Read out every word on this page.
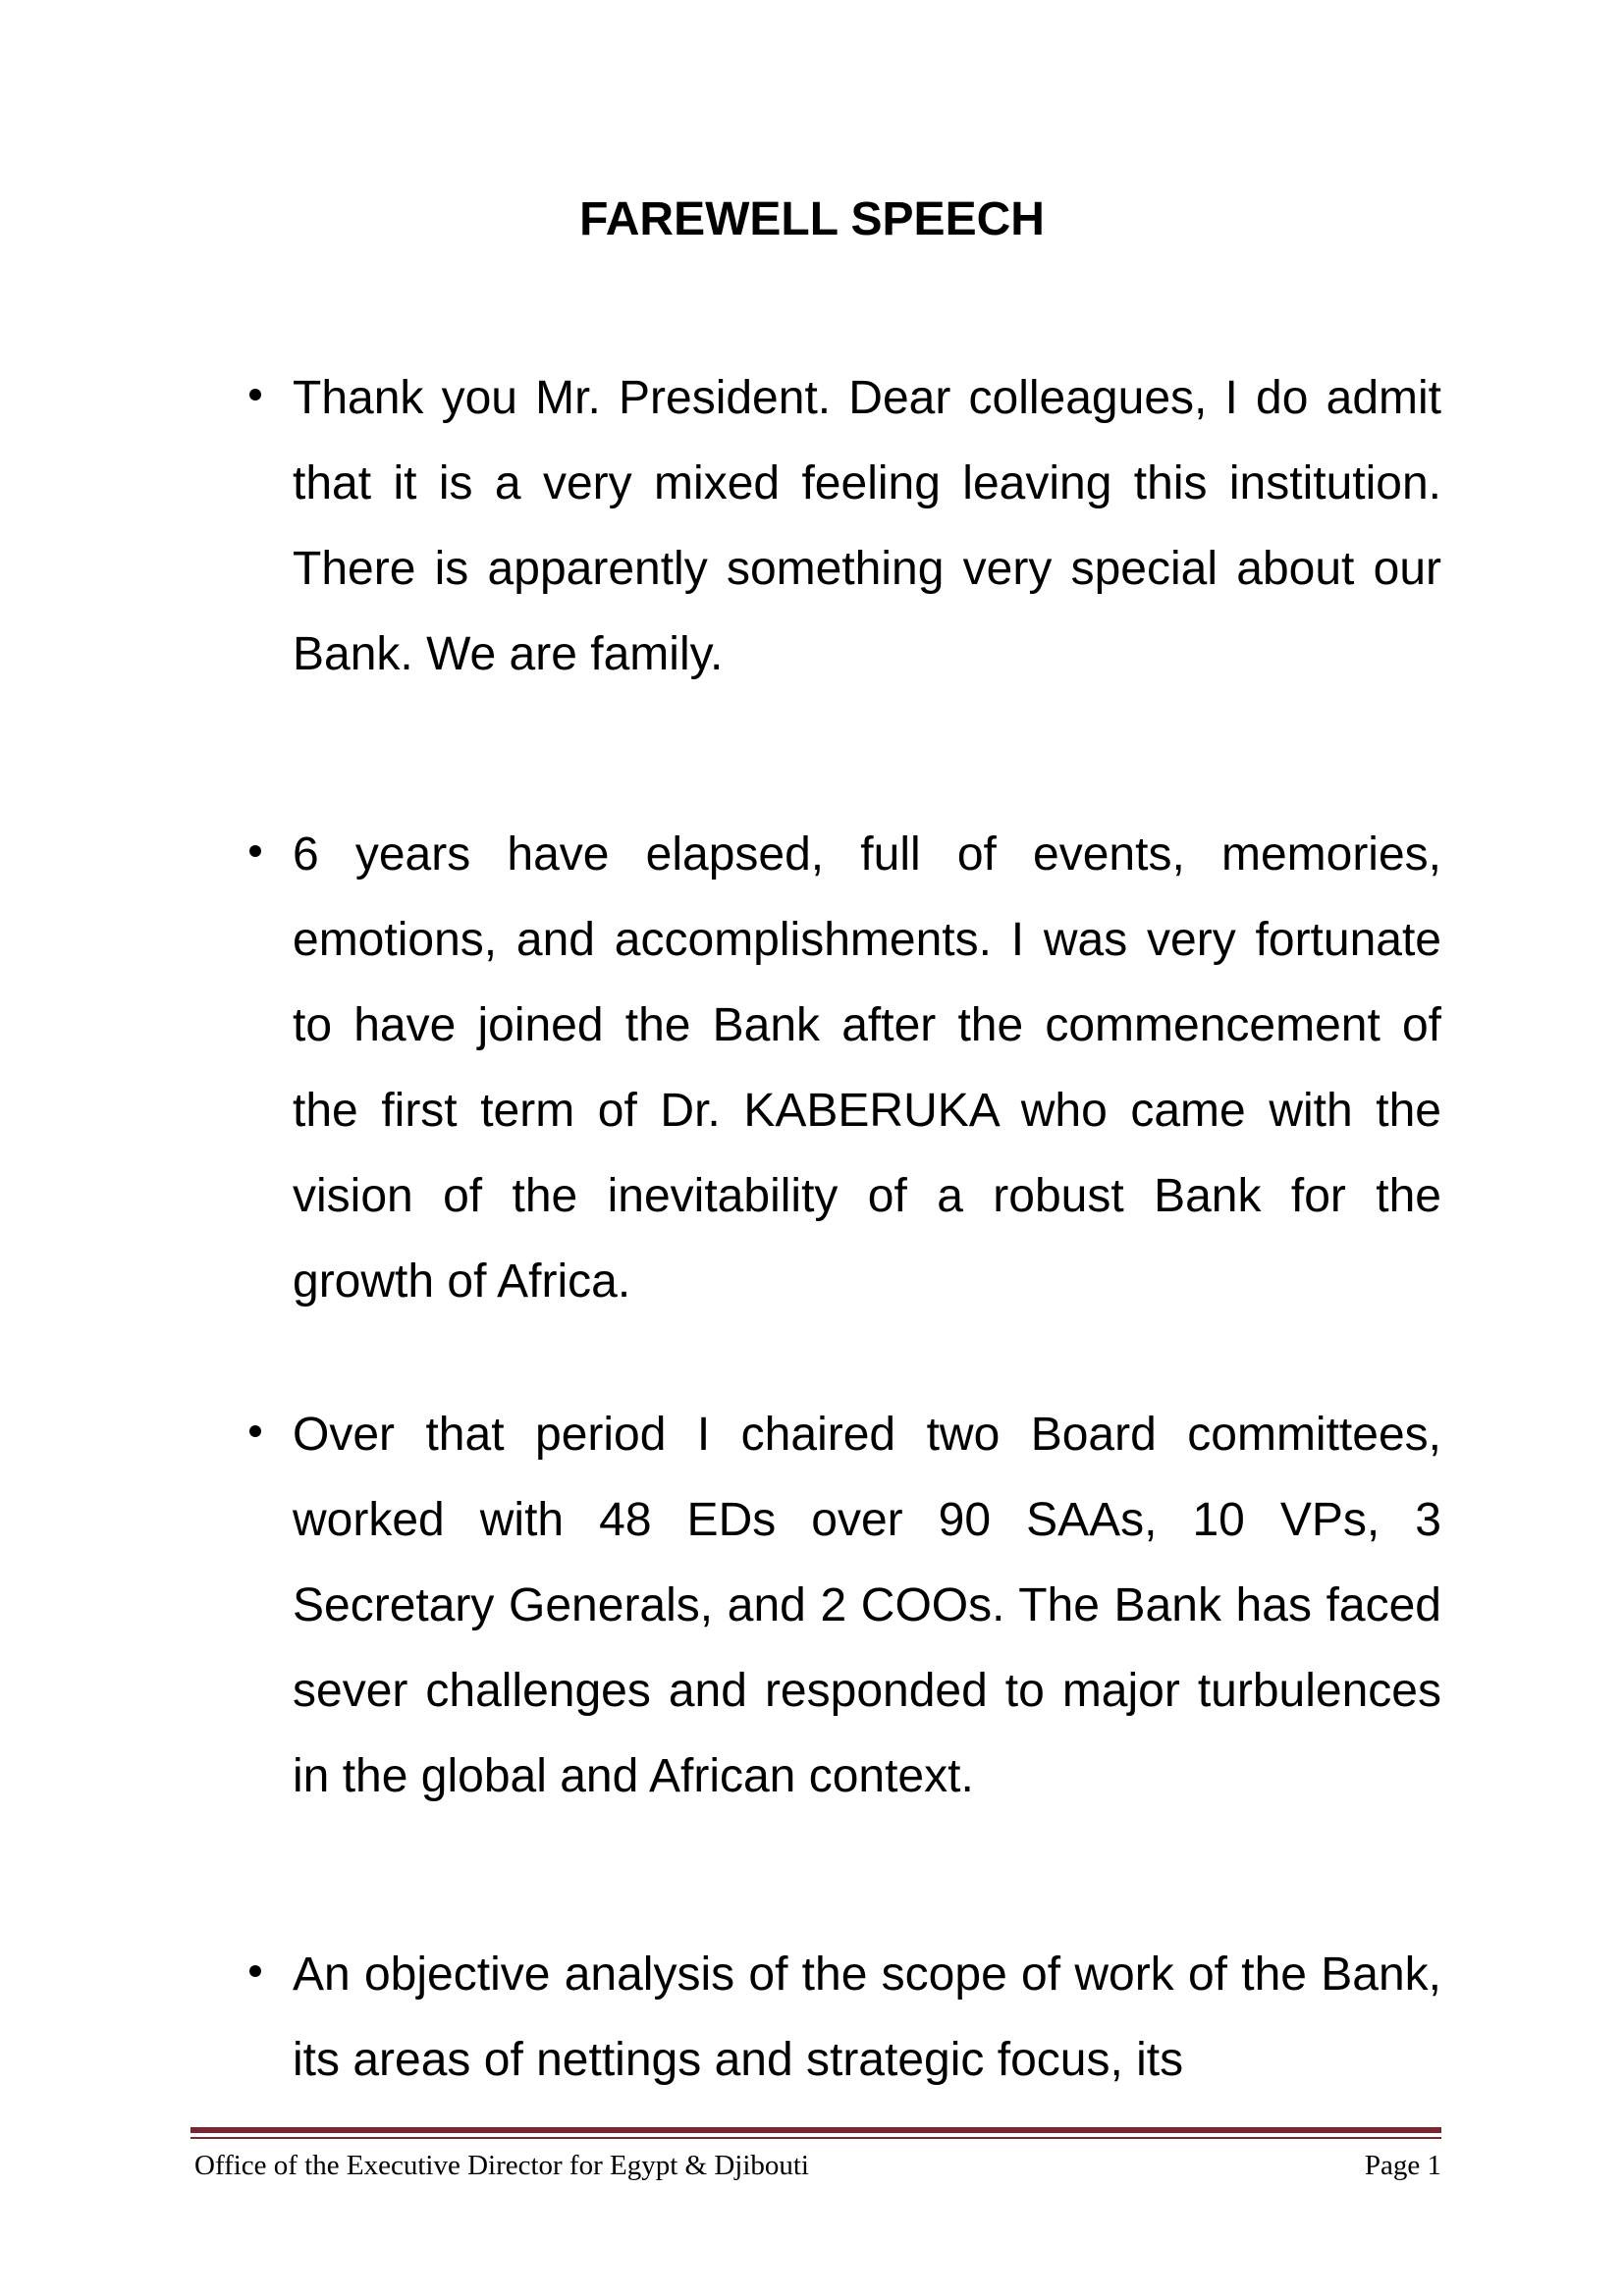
FAREWELL SPEECH

Thank you Mr. President. Dear colleagues, I do admit that it is a very mixed feeling leaving this institution. There is apparently something very special about our Bank. We are family.

6 years have elapsed, full of events, memories, emotions, and accomplishments. I was very fortunate to have joined the Bank after the commencement of the first term of Dr. KABERUKA who came with the vision of the inevitability of a robust Bank for the growth of Africa.

Over that period I chaired two Board committees, worked with 48 EDs over 90 SAAs, 10 VPs, 3 Secretary Generals, and 2 COOs. The Bank has faced sever challenges and responded to major turbulences in the global and African context.

An objective analysis of the scope of work of the Bank, its areas of nettings and strategic focus, its

Office of the Executive Director for Egypt & Djibouti	Page 1
